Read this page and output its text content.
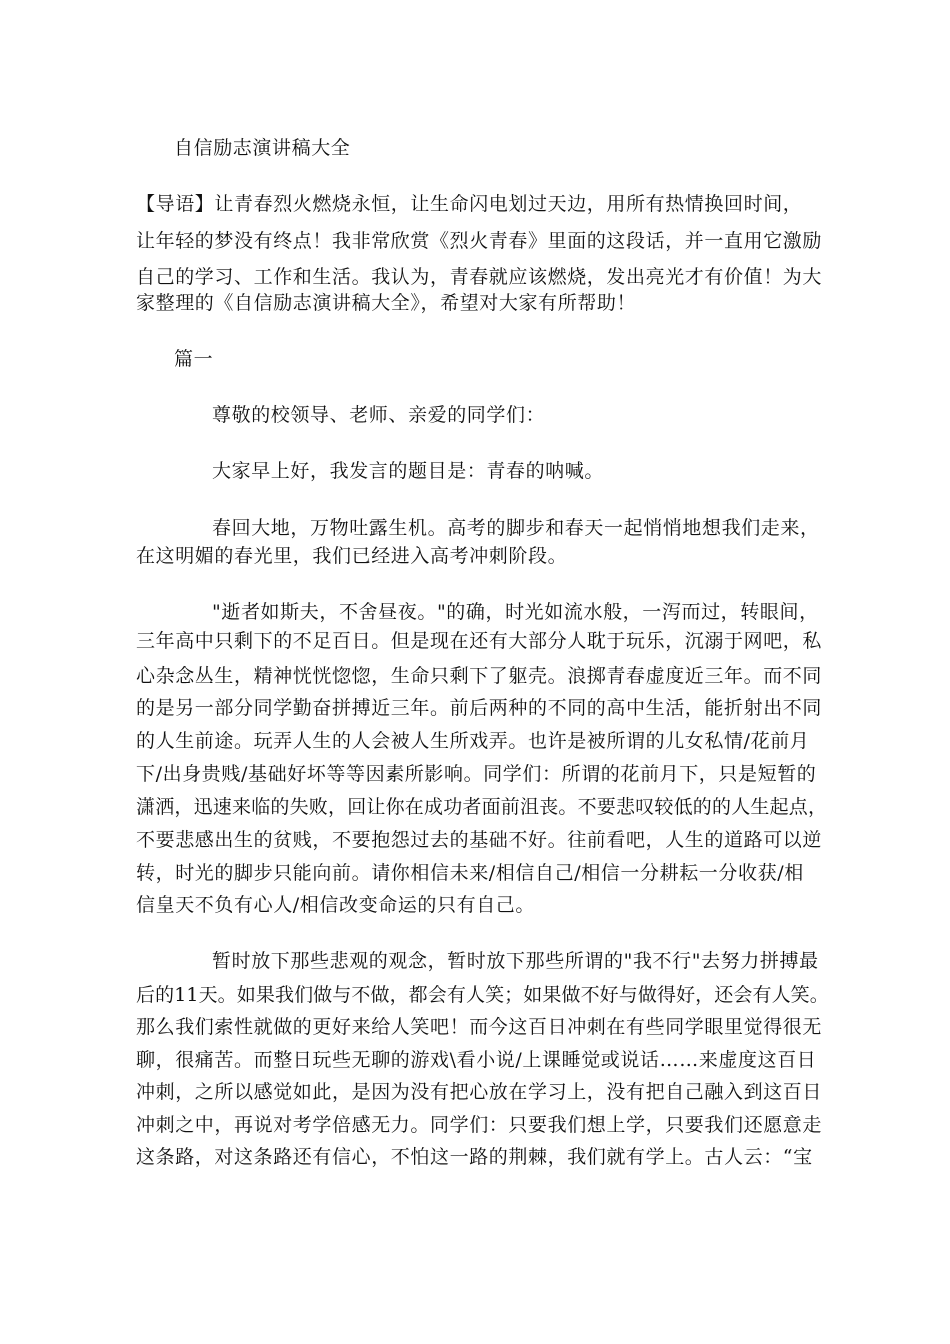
自信励志演讲稿大全
【导语】让青春烈火燃烧永恒，让生命闪电划过天边，用所有热情换回时间，
让年轻的梦没有终点！我非常欣赏《烈火青春》里面的这段话，并一直用它激励
自己的学习、工作和生活。我认为，青春就应该燃烧，发出亮光才有价值！为大
家整理的《自信励志演讲稿大全》，希望对大家有所帮助！
篇一
尊敬的校领导、老师、亲爱的同学们：
大家早上好，我发言的题目是：青春的呐喊。
春回大地，万物吐露生机。高考的脚步和春天一起悄悄地想我们走来，
在这明媚的春光里，我们已经进入高考冲刺阶段。
"逝者如斯夫，不舍昼夜。"的确，时光如流水般，一泻而过，转眼间，
三年高中只剩下的不足百日。但是现在还有大部分人耽于玩乐，沉溺于网吧，私
心杂念丛生，精神恍恍惚惚，生命只剩下了躯壳。浪掷青春虚度近三年。而不同
的是另一部分同学勤奋拼搏近三年。前后两种的不同的高中生活，能折射出不同
的人生前途。玩弄人生的人会被人生所戏弄。也许是被所谓的儿女私情/花前月
下/出身贵贱/基础好坏等等因素所影响。同学们：所谓的花前月下，只是短暂的
潇洒，迅速来临的失败，回让你在成功者面前沮丧。不要悲叹较低的的人生起点，
不要悲感出生的贫贱，不要抱怨过去的基础不好。往前看吧，人生的道路可以逆
转，时光的脚步只能向前。请你相信未来/相信自己/相信一分耕耘一分收获/相
信皇天不负有心人/相信改变命运的只有自己。
暂时放下那些悲观的观念，暂时放下那些所谓的"我不行"去努力拼搏最
后的11天。如果我们做与不做，都会有人笑；如果做不好与做得好，还会有人笑。
那么我们索性就做的更好来给人笑吧！而今这百日冲刺在有些同学眼里觉得很无
聊，很痛苦。而整日玩些无聊的游戏\看小说/上课睡觉或说话……来虚度这百日
冲刺，之所以感觉如此，是因为没有把心放在学习上，没有把自己融入到这百日
冲刺之中，再说对考学倍感无力。同学们：只要我们想上学，只要我们还愿意走
这条路，对这条路还有信心，不怕这一路的荆棘，我们就有学上。古人云：“宝
